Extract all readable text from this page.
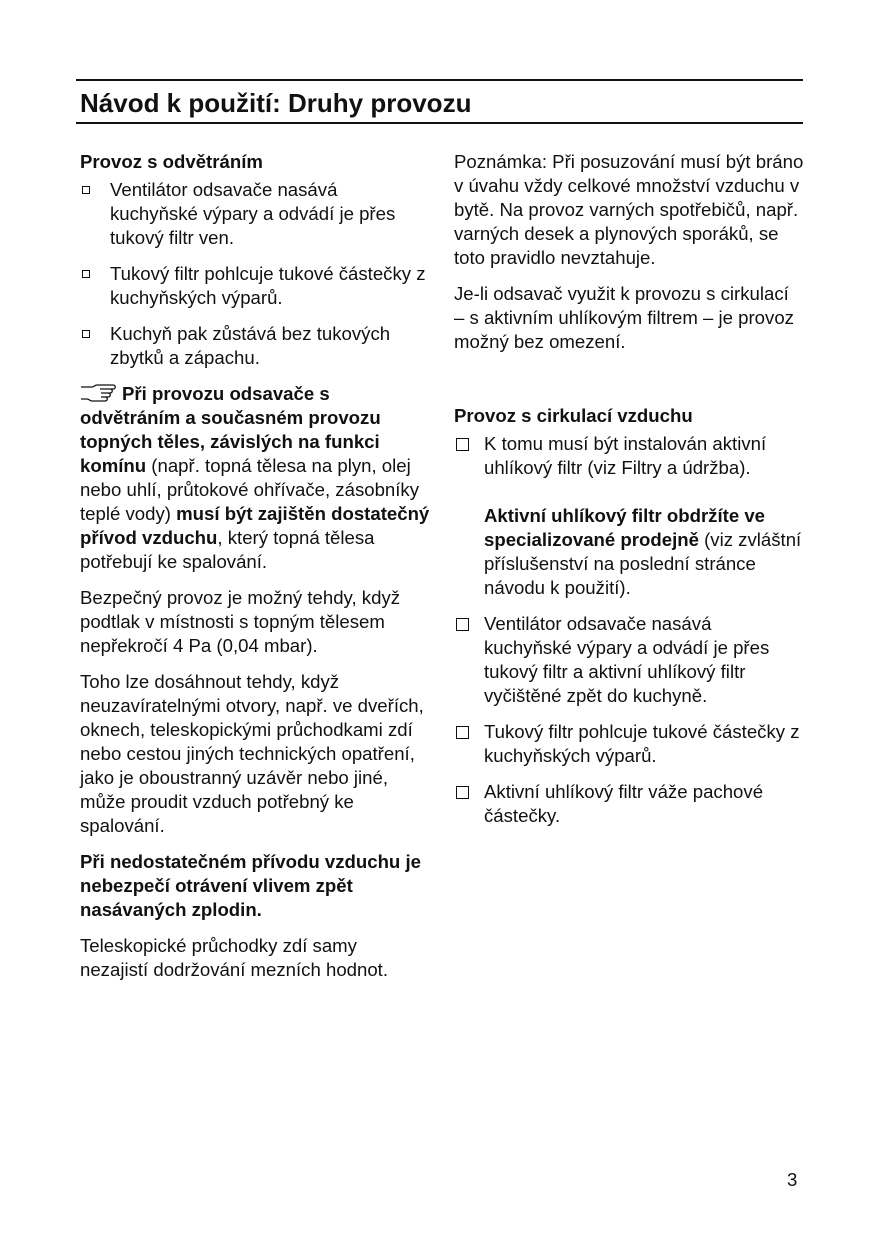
Návod k použití: Druhy provozu
Provoz s odvětráním
Ventilátor odsavače nasává kuchyňské výpary a odvádí je přes tukový filtr ven.
Tukový filtr pohlcuje tukové částečky z kuchyňských výparů.
Kuchyň pak zůstává bez tukových zbytků a zápachu.

Při provozu odsavače s odvětráním a současném provozu topných těles, závislých na funkci komínu (např. topná tělesa na plyn, olej nebo uhlí, průtokové ohřívače, zásobníky teplé vody) musí být zajištěn dostatečný přívod vzduchu, který topná tělesa potřebují ke spalování.

Bezpečný provoz je možný tehdy, když podtlak v místnosti s topným tělesem nepřekročí 4 Pa (0,04 mbar).

Toho lze dosáhnout tehdy, když neuzavíratelnými otvory, např. ve dveřích, oknech, teleskopickými průchodkami zdí nebo cestou jiných technických opatření, jako je oboustranný uzávěr nebo jiné, může proudit vzduch potřebný ke spalování.

Při nedostatečném přívodu vzduchu je nebezpečí otrávení vlivem zpět nasávaných zplodin.

Teleskopické průchodky zdí samy nezajistí dodržování mezních hodnot.

Poznámka: Při posuzování musí být bráno v úvahu vždy celkové množství vzduchu v bytě. Na provoz varných spotřebičů, např. varných desek a plynových sporáků, se toto pravidlo nevztahuje.

Je-li odsavač využit k provozu s cirkulací – s aktivním uhlíkovým filtrem – je provoz možný bez omezení.

Provoz s cirkulací vzduchu
K tomu musí být instalován aktivní uhlíkový filtr (viz Filtry a údržba).
Aktivní uhlíkový filtr obdržíte ve specializované prodejně (viz zvláštní příslušenství na poslední stránce návodu k použití).
Ventilátor odsavače nasává kuchyňské výpary a odvádí je přes tukový filtr a aktivní uhlíkový filtr vyčištěné zpět do kuchyně.
Tukový filtr pohlcuje tukové částečky z kuchyňských výparů.
Aktivní uhlíkový filtr váže pachové částečky.
3
